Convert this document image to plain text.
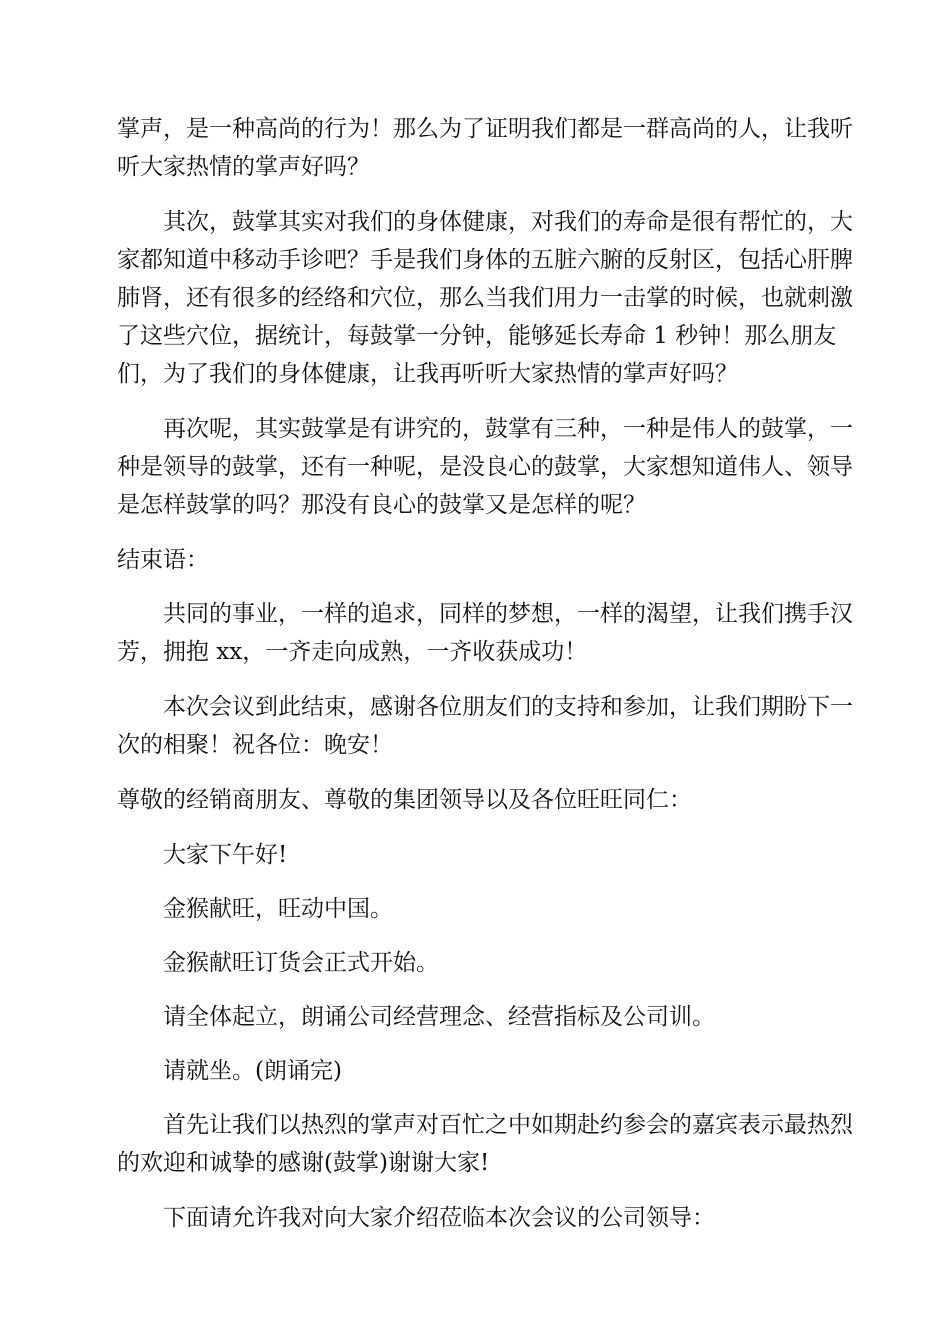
掌声，是一种高尚的行为！那么为了证明我们都是一群高尚的人，让我听

听大家热情的掌声好吗？

其次，鼓掌其实对我们的身体健康，对我们的寿命是很有帮忙的，大

家都知道中移动手诊吧？手是我们身体的五脏六腑的反射区，包括心肝脾

肺肾，还有很多的经络和穴位，那么当我们用力一击掌的时候，也就刺激

了这些穴位，据统计，每鼓掌一分钟，能够延长寿命 1 秒钟！那么朋友

们，为了我们的身体健康，让我再听听大家热情的掌声好吗？

再次呢，其实鼓掌是有讲究的，鼓掌有三种，一种是伟人的鼓掌，一

种是领导的鼓掌，还有一种呢，是没良心的鼓掌，大家想知道伟人、领导

是怎样鼓掌的吗？那没有良心的鼓掌又是怎样的呢？

结束语：

共同的事业，一样的追求，同样的梦想，一样的渴望，让我们携手汉

芳，拥抱 xx，一齐走向成熟，一齐收获成功！

本次会议到此结束，感谢各位朋友们的支持和参加，让我们期盼下一

次的相聚！祝各位：晚安！

尊敬的经销商朋友、尊敬的集团领导以及各位旺旺同仁：

大家下午好!

金猴献旺，旺动中国。

金猴献旺订货会正式开始。

请全体起立，朗诵公司经营理念、经营指标及公司训。

请就坐。(朗诵完)

首先让我们以热烈的掌声对百忙之中如期赴约参会的嘉宾表示最热烈

的欢迎和诚挚的感谢(鼓掌)谢谢大家!

下面请允许我对向大家介绍莅临本次会议的公司领导：
